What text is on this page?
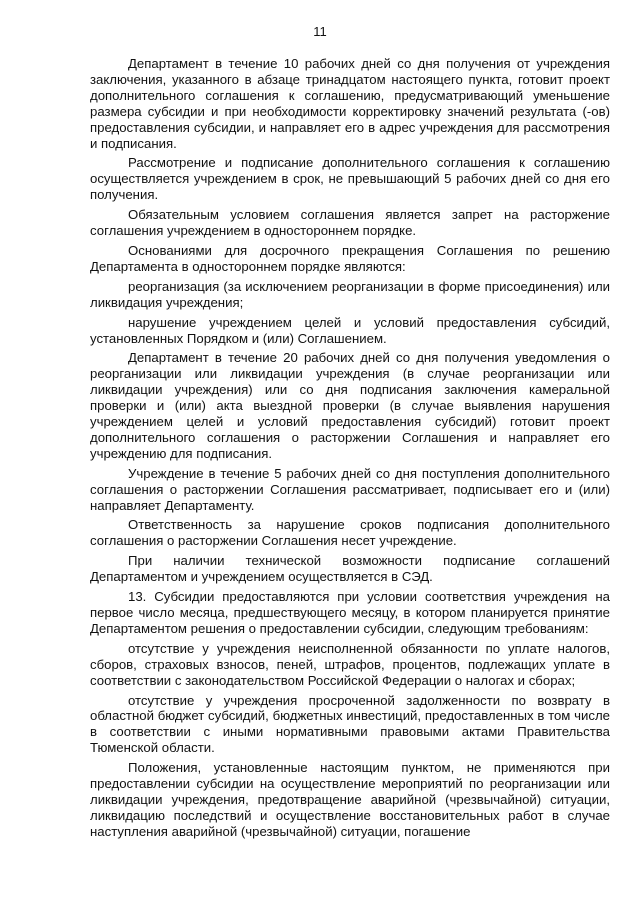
11

Департамент в течение 10 рабочих дней со дня получения от учреждения заключения, указанного в абзаце тринадцатом настоящего пункта, готовит проект дополнительного соглашения к соглашению, предусматривающий уменьшение размера субсидии и при необходимости корректировку значений результата (-ов) предоставления субсидии, и направляет его в адрес учреждения для рассмотрения и подписания.

Рассмотрение и подписание дополнительного соглашения к соглашению осуществляется учреждением в срок, не превышающий 5 рабочих дней со дня его получения.

Обязательным условием соглашения является запрет на расторжение соглашения учреждением в одностороннем порядке.

Основаниями для досрочного прекращения Соглашения по решению Департамента в одностороннем порядке являются:

реорганизация (за исключением реорганизации в форме присоединения) или ликвидация учреждения;

нарушение учреждением целей и условий предоставления субсидий, установленных Порядком и (или) Соглашением.

Департамент в течение 20 рабочих дней со дня получения уведомления о реорганизации или ликвидации учреждения (в случае реорганизации или ликвидации учреждения) или со дня подписания заключения камеральной проверки и (или) акта выездной проверки (в случае выявления нарушения учреждением целей и условий предоставления субсидий) готовит проект дополнительного соглашения о расторжении Соглашения и направляет его учреждению для подписания.

Учреждение в течение 5 рабочих дней со дня поступления дополнительного соглашения о расторжении Соглашения рассматривает, подписывает его и (или) направляет Департаменту.

Ответственность за нарушение сроков подписания дополнительного соглашения о расторжении Соглашения несет учреждение.

При наличии технической возможности подписание соглашений Департаментом и учреждением осуществляется в СЭД.

13. Субсидии предоставляются при условии соответствия учреждения на первое число месяца, предшествующего месяцу, в котором планируется принятие Департаментом решения о предоставлении субсидии, следующим требованиям:

отсутствие у учреждения неисполненной обязанности по уплате налогов, сборов, страховых взносов, пеней, штрафов, процентов, подлежащих уплате в соответствии с законодательством Российской Федерации о налогах и сборах;

отсутствие у учреждения просроченной задолженности по возврату в областной бюджет субсидий, бюджетных инвестиций, предоставленных в том числе в соответствии с иными нормативными правовыми актами Правительства Тюменской области.

Положения, установленные настоящим пунктом, не применяются при предоставлении субсидии на осуществление мероприятий по реорганизации или ликвидации учреждения, предотвращение аварийной (чрезвычайной) ситуации, ликвидацию последствий и осуществление восстановительных работ в случае наступления аварийной (чрезвычайной) ситуации, погашение
